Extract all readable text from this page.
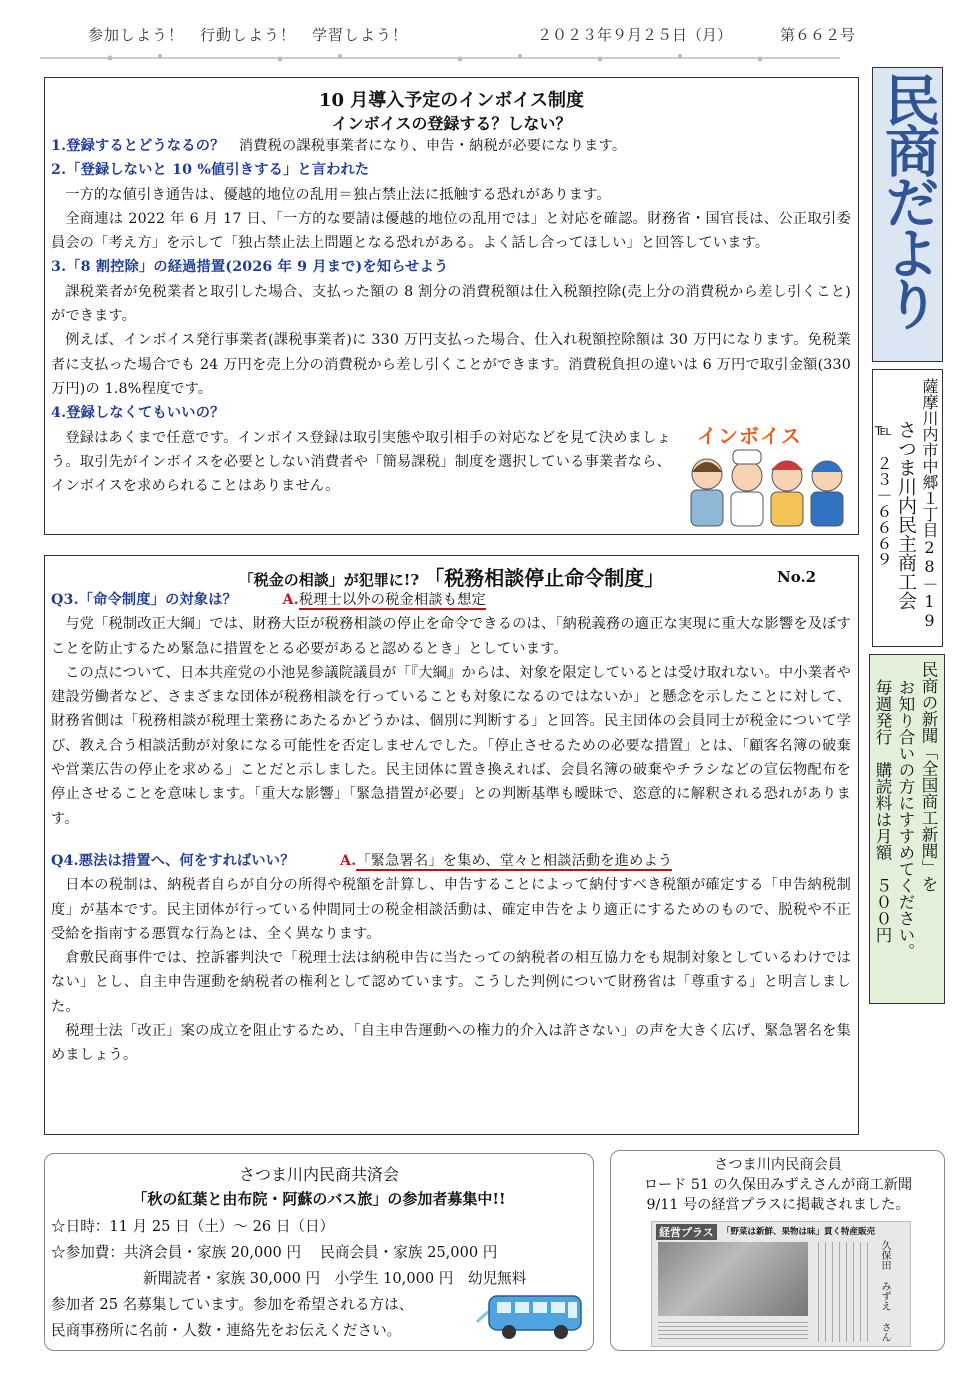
参加しよう！　行動しよう！　学習しよう！	２０２３年９月２５日（月）	第６６２号
民商だより
薩摩川内市中郷１丁目28－19
さつま川内民主商工会
℡　２３－６６６９
民商の新聞「全国商工新聞」を
お知り合いの方にすすめてください。
毎週発行　購読料は月額　５００円
10 月導入予定のインボイス制度
インボイスの登録する？しない？

1.登録するとどうなるの？　 消費税の課税事業者になり、申告・納税が必要になります。

2.「登録しないと 10 %値引きする」と言われた

一方的な値引き通告は、優越的地位の乱用＝独占禁止法に抵触する恐れがあります。

全商連は 2022 年 6 月 17 日、「一方的な要請は優越的地位の乱用では」と対応を確認。財務省・国官長は、公正取引委員会の「考え方」を示して「独占禁止法上問題となる恐れがある。よく話し合ってほしい」と回答しています。

3.「8 割控除」の経過措置(2026 年 9 月まで)を知らせよう

課税業者が免税業者と取引した場合、支払った額の 8 割分の消費税額は仕入税額控除(売上分の消費税から差し引くこと)ができます。

例えば、インボイス発行事業者(課税事業者)に 330 万円支払った場合、仕入れ税額控除額は 30 万円になります。免税業者に支払った場合でも 24 万円を売上分の消費税から差し引くことができます。消費税負担の違いは 6 万円で取引金額(330 万円)の 1.8%程度です。

4.登録しなくてもいいの？

登録はあくまで任意です。インボイス登録は取引実態や取引相手の対応などを見て決めましょう。取引先がインボイスを必要としない消費者や「簡易課税」制度を選択している事業者なら、インボイスを求められることはありません。

インボイス
「税金の相談」が犯罪に!? 「税務相談停止命令制度」	No.2

Q3.「命令制度」の対象は？	A.税理士以外の税金相談も想定

与党「税制改正大綱」では、財務大臣が税務相談の停止を命令できるのは、「納税義務の適正な実現に重大な影響を及ぼすことを防止するため緊急に措置をとる必要があると認めるとき」としています。

この点について、日本共産党の小池晃参議院議員が「『大綱』からは、対象を限定しているとは受け取れない。中小業者や建設労働者など、さまざまな団体が税務相談を行っていることも対象になるのではないか」と懸念を示したことに対して、財務省側は「税務相談が税理士業務にあたるかどうかは、個別に判断する」と回答。民主団体の会員同士が税金について学び、教え合う相談活動が対象になる可能性を否定しませんでした。「停止させるための必要な措置」とは、「顧客名簿の破棄や営業広告の停止を求める」ことだと示しました。民主団体に置き換えれば、会員名簿の破棄やチラシなどの宣伝物配布を停止させることを意味します。「重大な影響」「緊急措置が必要」との判断基準も曖昧で、恣意的に解釈される恐れがあります。

Q4.悪法は措置へ、何をすればいい？	A.「緊急署名」を集め、堂々と相談活動を進めよう

日本の税制は、納税者自らが自分の所得や税額を計算し、申告することによって納付すべき税額が確定する「申告納税制度」が基本です。民主団体が行っている仲間同士の税金相談活動は、確定申告をより適正にするためのもので、脱税や不正受給を指南する悪質な行為とは、全く異なります。

倉敷民商事件では、控訴審判決で「税理士法は納税申告に当たっての納税者の相互協力をも規制対象としているわけではない」とし、自主申告運動を納税者の権利として認めています。こうした判例について財務省は「尊重する」と明言しました。

税理士法「改正」案の成立を阻止するため、「自主申告運動への権力的介入は許さない」の声を大きく広げ、緊急署名を集めましょう。

さつま川内民商共済会
「秋の紅葉と由布院・阿蘇のバス旅」の参加者募集中!!

☆日時：11 月 25 日（土）～ 26 日（日）

☆参加費：共済会員・家族 20,000 円　 民商会員・家族 25,000 円

新聞読者・家族 30,000 円　小学生 10,000 円　幼児無料

参加者 25 名募集しています。参加を希望される方は、

民商事務所に名前・人数・連絡先をお伝えください。

さつま川内民商会員

ロード 51 の久保田みずえさんが商工新聞

9/11 号の経営プラスに掲載されました。

経営プラス 「野菜は新鮮、果物は味」貫く特産販売
久保田 みずえ さん
